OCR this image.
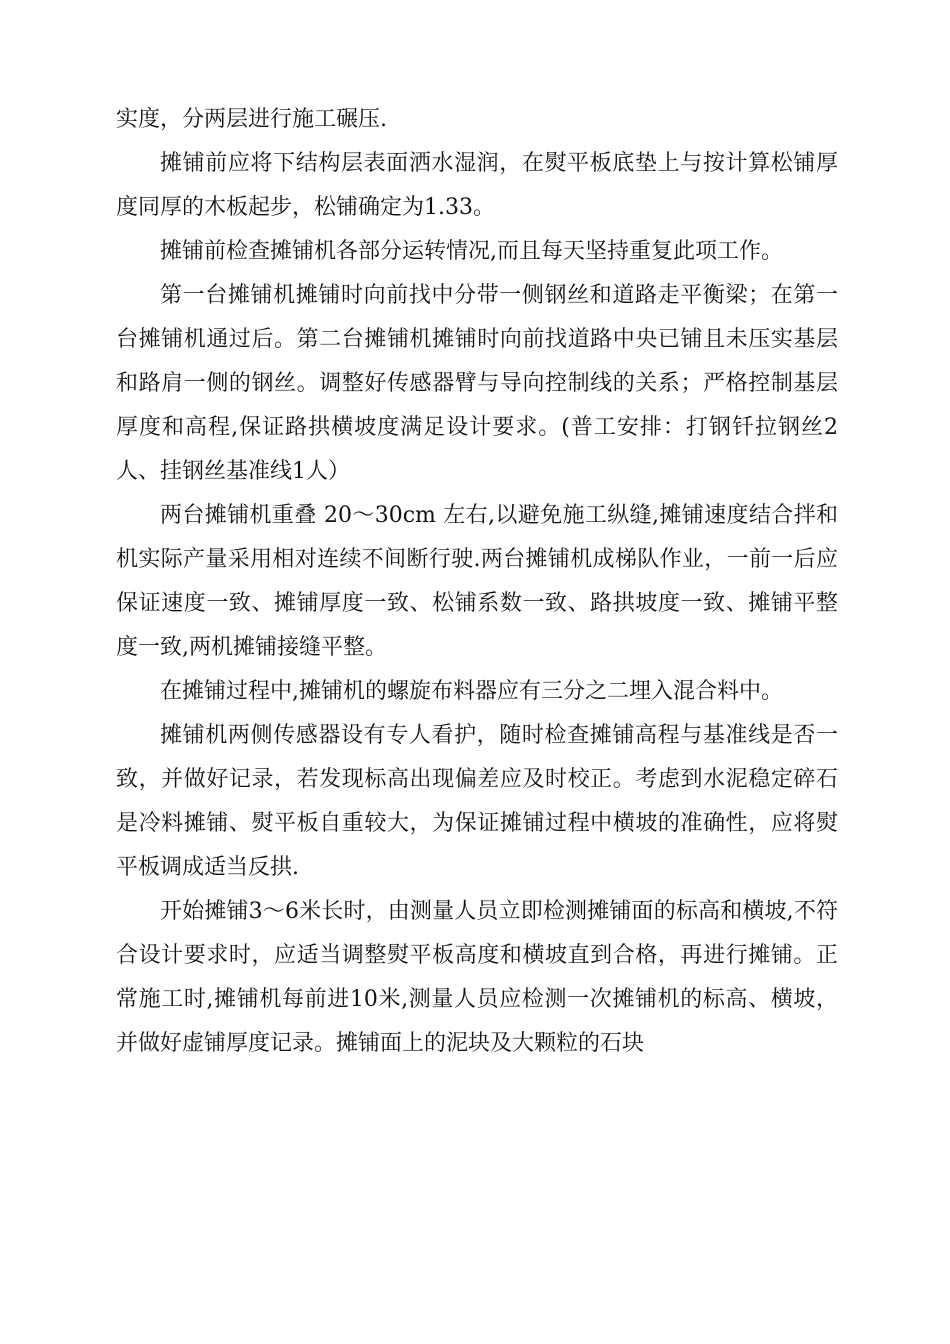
实度，分两层进行施工碾压.

摊铺前应将下结构层表面洒水湿润，在熨平板底垫上与按计算松铺厚度同厚的木板起步，松铺确定为1.33。

摊铺前检查摊铺机各部分运转情况,而且每天坚持重复此项工作。

第一台摊铺机摊铺时向前找中分带一侧钢丝和道路走平衡梁；在第一台摊铺机通过后。第二台摊铺机摊铺时向前找道路中央已铺且未压实基层和路肩一侧的钢丝。调整好传感器臂与导向控制线的关系；严格控制基层厚度和高程,保证路拱横坡度满足设计要求。(普工安排：打钢钎拉钢丝2人、挂钢丝基准线1人）

两台摊铺机重叠 20～30cm 左右,以避免施工纵缝,摊铺速度结合拌和机实际产量采用相对连续不间断行驶.两台摊铺机成梯队作业，一前一后应保证速度一致、摊铺厚度一致、松铺系数一致、路拱坡度一致、摊铺平整度一致,两机摊铺接缝平整。

在摊铺过程中,摊铺机的螺旋布料器应有三分之二埋入混合料中。

摊铺机两侧传感器设有专人看护，随时检查摊铺高程与基准线是否一致，并做好记录，若发现标高出现偏差应及时校正。考虑到水泥稳定碎石是冷料摊铺、熨平板自重较大，为保证摊铺过程中横坡的准确性，应将熨平板调成适当反拱.

开始摊铺3～6米长时，由测量人员立即检测摊铺面的标高和横坡,不符合设计要求时，应适当调整熨平板高度和横坡直到合格，再进行摊铺。正常施工时,摊铺机每前进10米,测量人员应检测一次摊铺机的标高、横坡，并做好虚铺厚度记录。摊铺面上的泥块及大颗粒的石块
